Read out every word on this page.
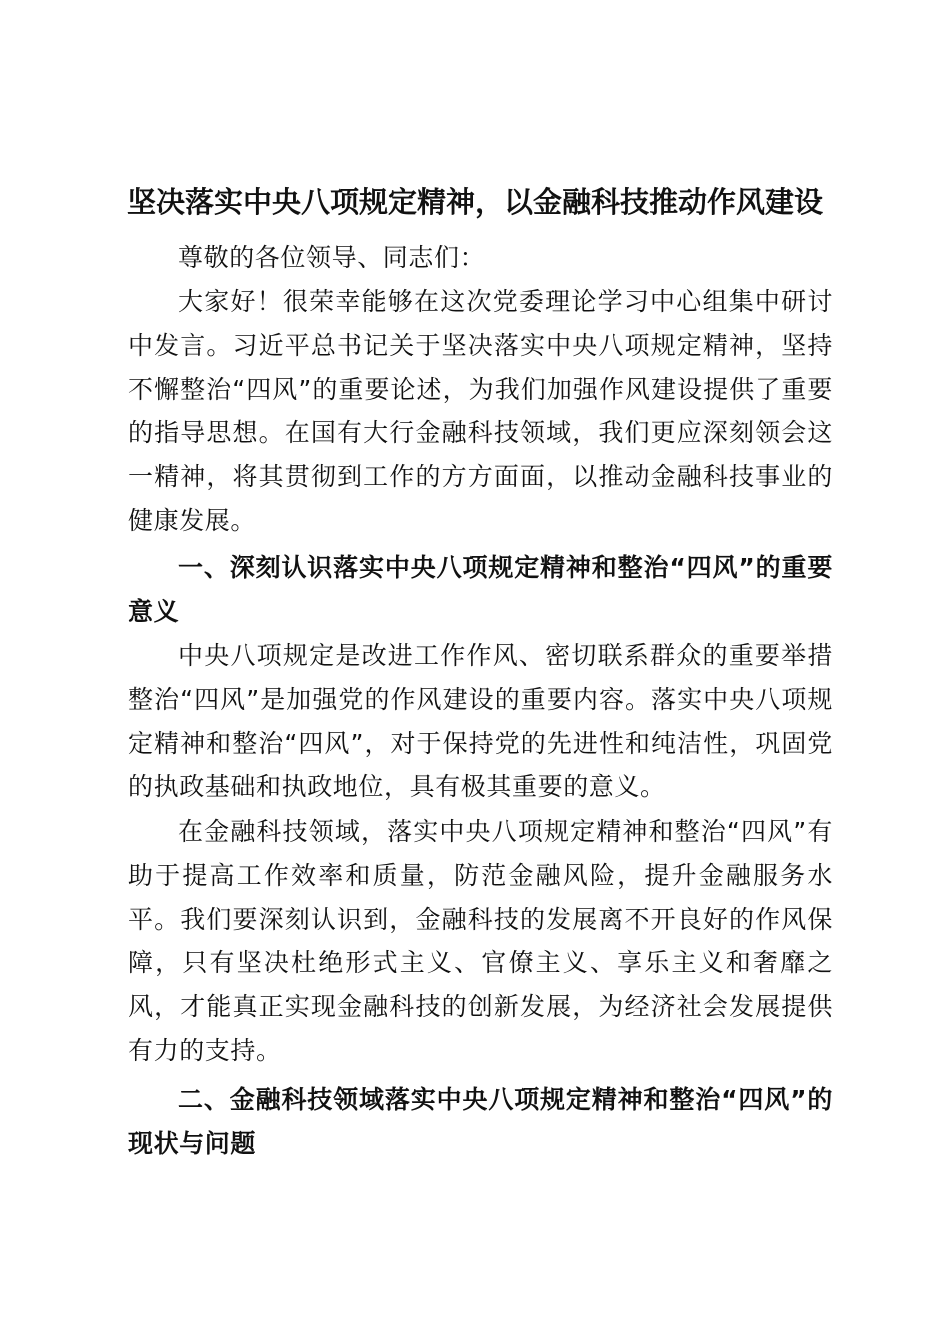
坚决落实中央八项规定精神，以金融科技推动作风建设

尊敬的各位领导、同志们：

大家好！很荣幸能够在这次党委理论学习中心组集中研讨中发言。习近平总书记关于坚决落实中央八项规定精神，坚持不懈整治“四风”的重要论述，为我们加强作风建设提供了重要的指导思想。在国有大行金融科技领域，我们更应深刻领会这一精神，将其贯彻到工作的方方面面，以推动金融科技事业的健康发展。

一、深刻认识落实中央八项规定精神和整治“四风”的重要意义

中央八项规定是改进工作作风、密切联系群众的重要举措整治“四风”是加强党的作风建设的重要内容。落实中央八项规定精神和整治“四风”，对于保持党的先进性和纯洁性，巩固党的执政基础和执政地位，具有极其重要的意义。

在金融科技领域，落实中央八项规定精神和整治“四风”有助于提高工作效率和质量，防范金融风险，提升金融服务水平。我们要深刻认识到，金融科技的发展离不开良好的作风保障，只有坚决杜绝形式主义、官僚主义、享乐主义和奢靡之风，才能真正实现金融科技的创新发展，为经济社会发展提供有力的支持。

二、金融科技领域落实中央八项规定精神和整治“四风”的现状与问题
